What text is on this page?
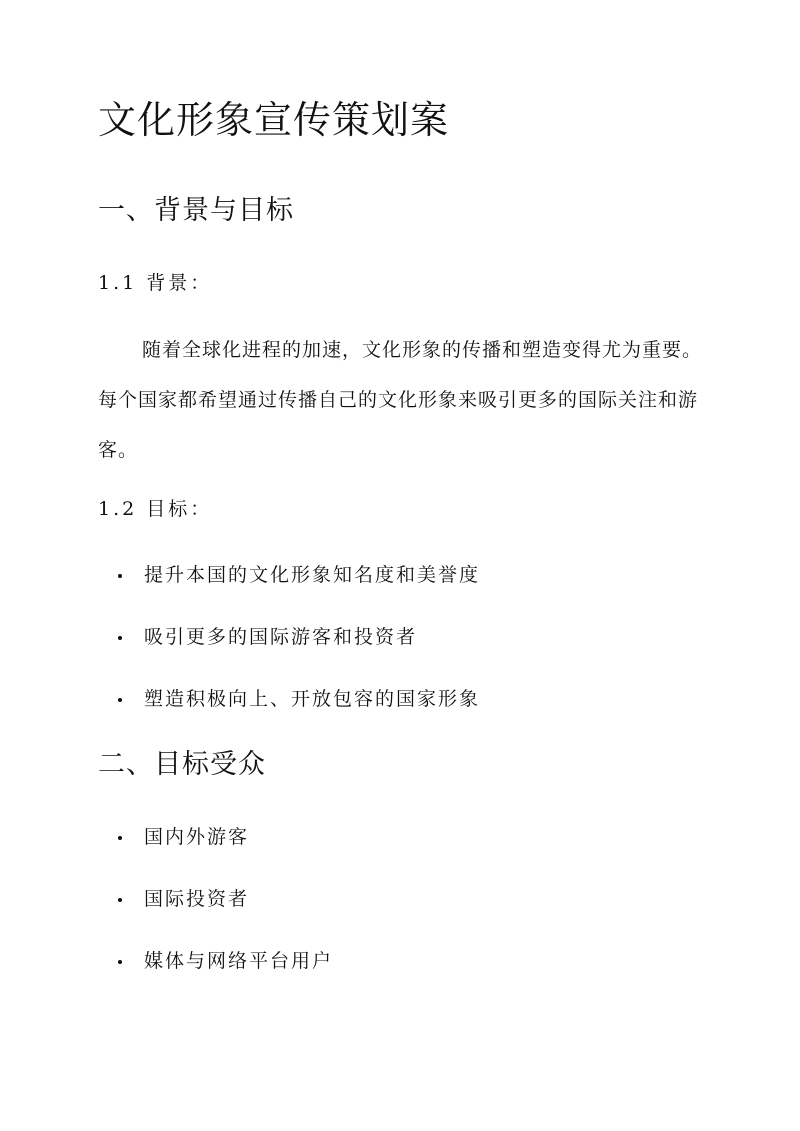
文化形象宣传策划案
一、背景与目标
1.1 背景：

随着全球化进程的加速，文化形象的传播和塑造变得尤为重要。每个国家都希望通过传播自己的文化形象来吸引更多的国际关注和游客。

1.2 目标：
提升本国的文化形象知名度和美誉度
吸引更多的国际游客和投资者
塑造积极向上、开放包容的国家形象
二、目标受众
国内外游客
国际投资者
媒体与网络平台用户
